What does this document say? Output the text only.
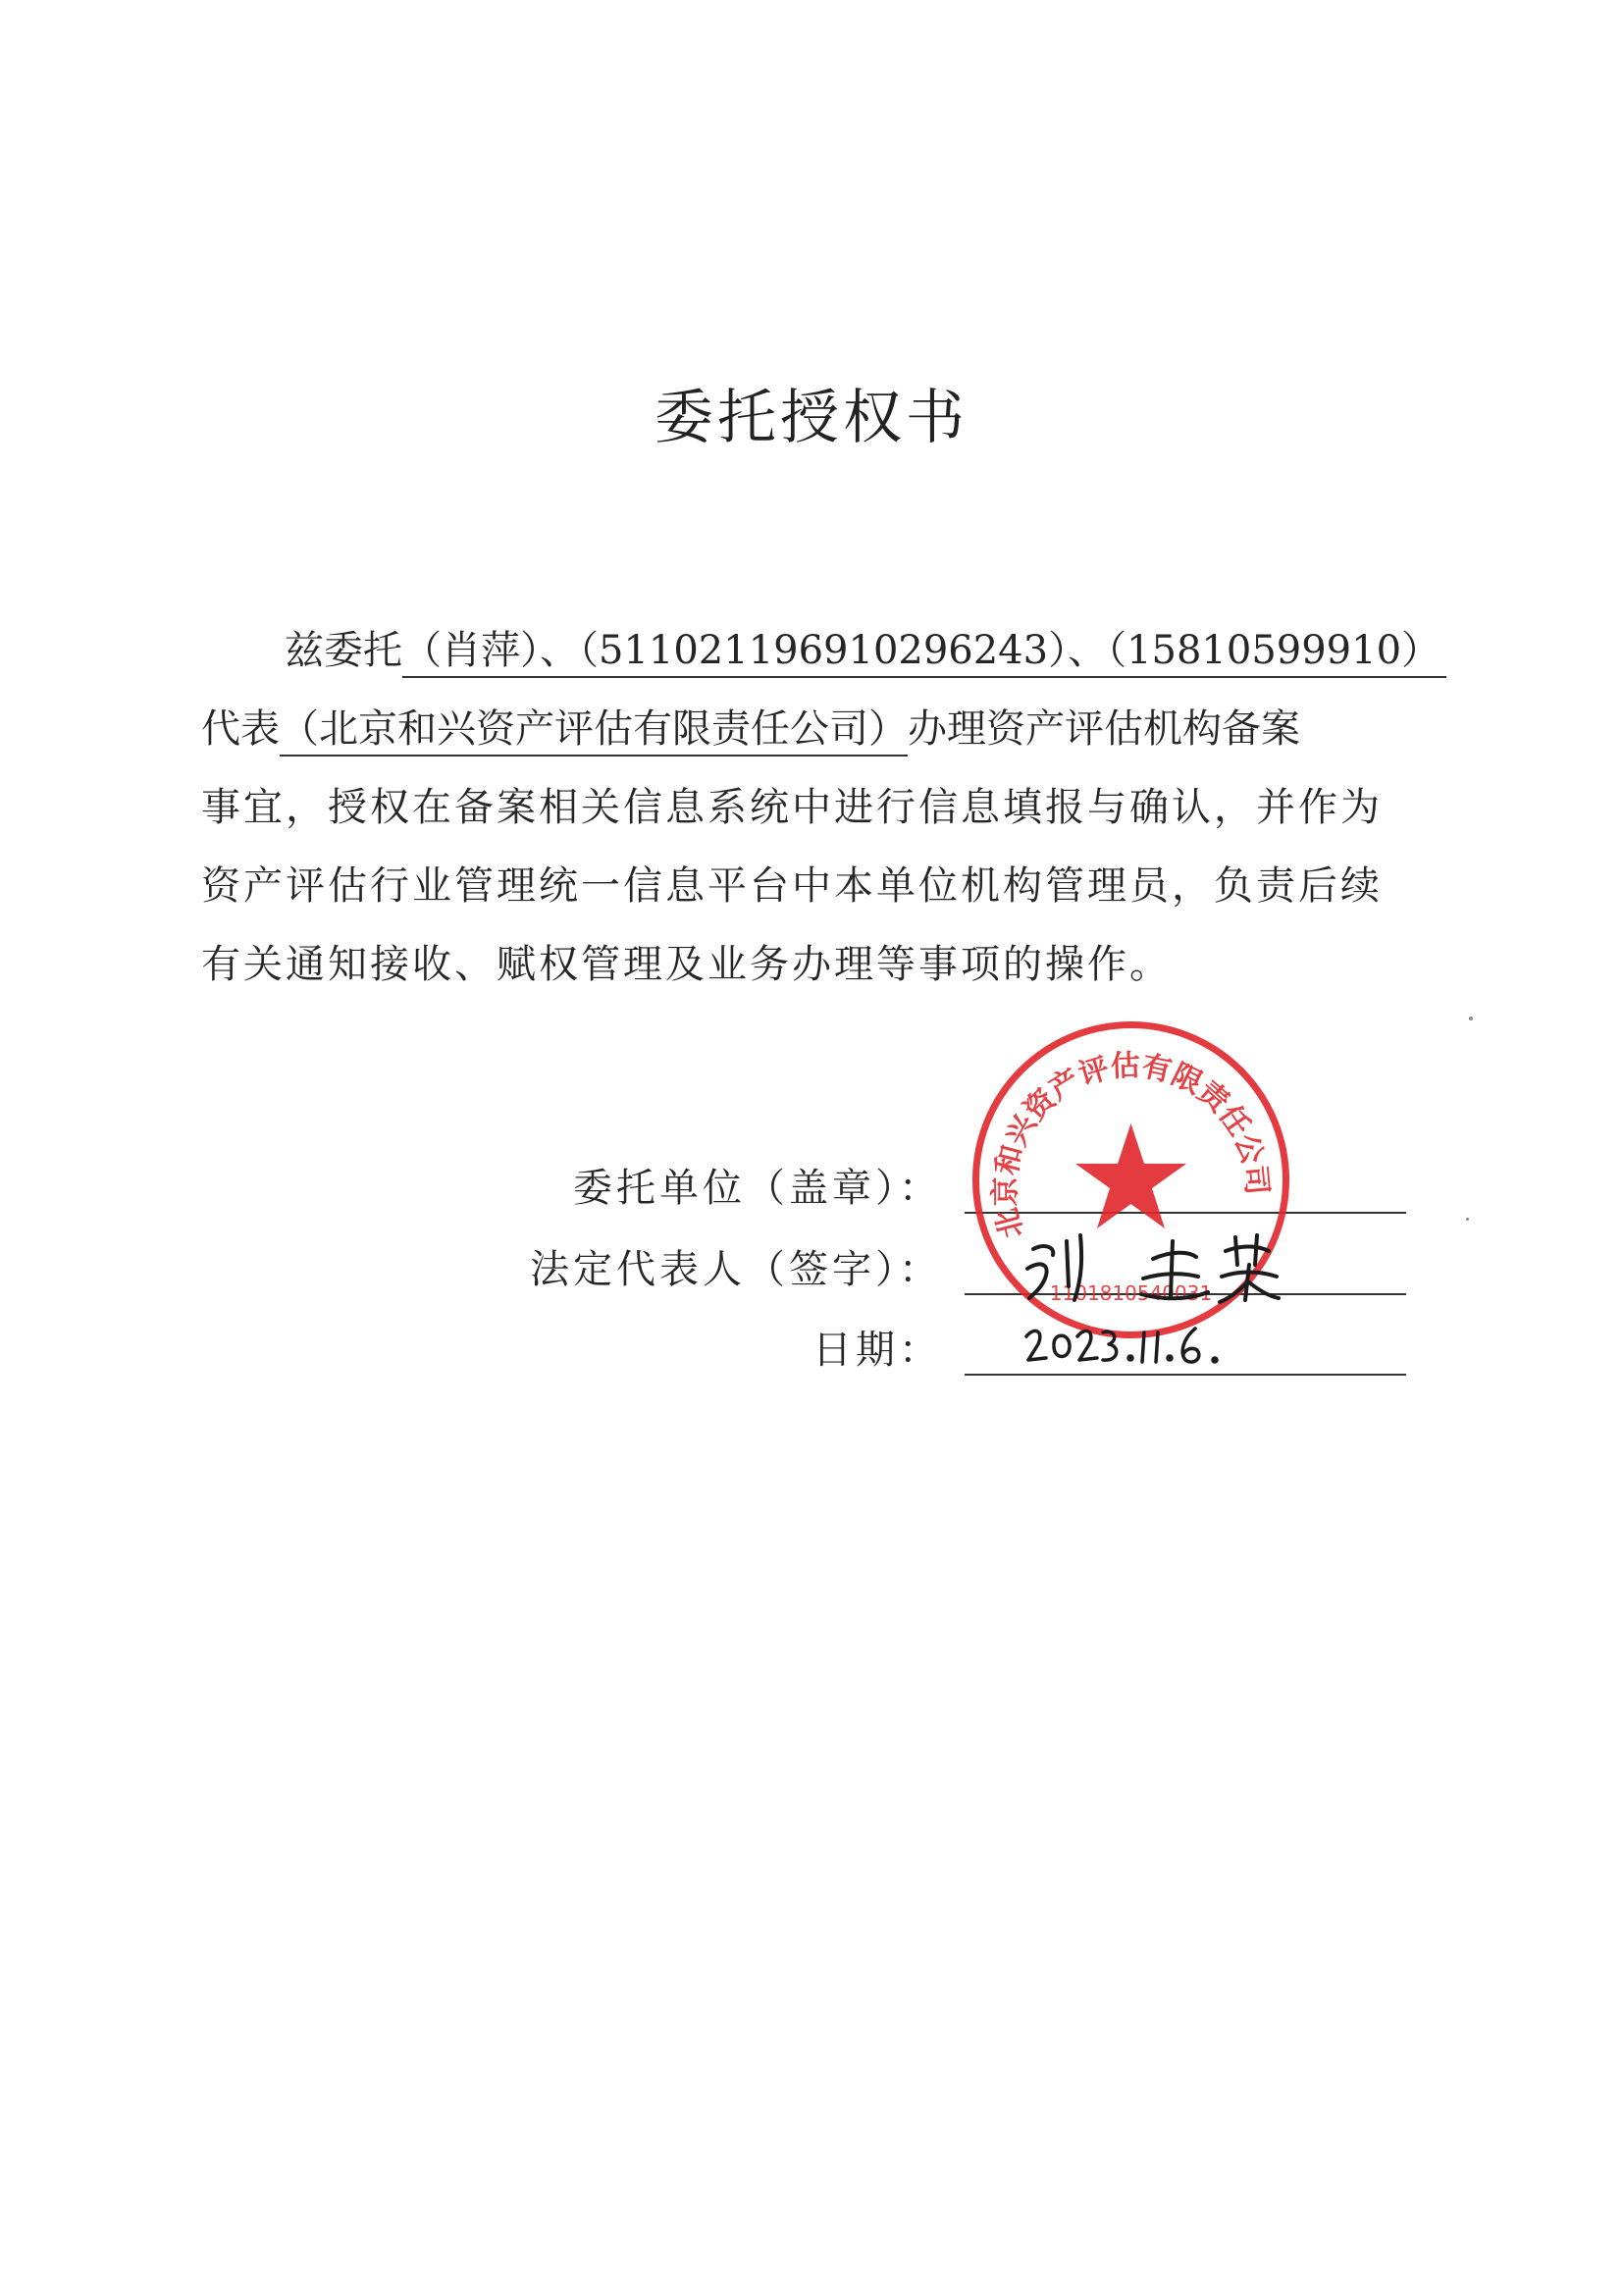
委托授权书
兹委托（肖萍）、（511021196910296243）、（15810599910）
代表（北京和兴资产评估有限责任公司）办理资产评估机构备案
事宜，授权在备案相关信息系统中进行信息填报与确认，并作为
资产评估行业管理统一信息平台中本单位机构管理员，负责后续
有关通知接收、赋权管理及业务办理等事项的操作。
委托单位（盖章）：
法定代表人（签字）：
日期：
北京和兴资产评估有限责任公司
1101810540031
